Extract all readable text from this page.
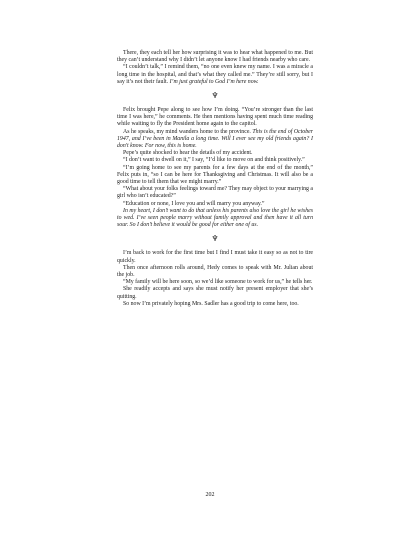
There, they each tell her how surprising it was to hear what happened to me. But they can’t understand why I didn’t let anyone know I had friends nearby who care.

“I couldn’t talk,” I remind them, “no one even knew my name. I was a miracle a long time in the hospital, and that’s what they called me.” They’re still sorry, but I say it’s not their fault. I’m just grateful to God I’m here now.

♆

Felix brought Pepe along to see how I’m doing. “You’re stronger than the last time I was here,” he comments. He then mentions having spent much time reading while waiting to fly the President home again to the capitol.

As he speaks, my mind wanders home to the province. This is the end of October 1947, and I’ve been in Manila a long time. Will I ever see my old friends again? I don't know. For now, this is home.

Pepe’s quite shocked to hear the details of my accident.

“I don’t want to dwell on it,” I say, “I’d like to move on and think positively.”

“I’m going home to see my parents for a few days at the end of the month,” Felix puts in, “so I can be here for Thanksgiving and Christmas. It will also be a good time to tell them that we might marry.”

“What about your folks feelings toward me? They may object to your marrying a girl who isn’t educated?”

“Education or none, I love you and will marry you anyway.”

In my heart, I don’t want to do that unless his parents also love the girl he wishes to wed. I’ve seen people marry without family approval and then have it all turn sour. So I don’t believe it would be good for either one of us.

♆

I’m back to work for the first time but I find I must take it easy so as not to tire quickly.

Then once afternoon rolls around, Hedy comes to speak with Mr. Julian about the job.

“My family will be here soon, so we’d like someone to work for us,” he tells her.

She readily accepts and says she must notify her present employer that she’s quitting.

So now I’m privately hoping Mrs. Sadler has a good trip to come here, too.

202
